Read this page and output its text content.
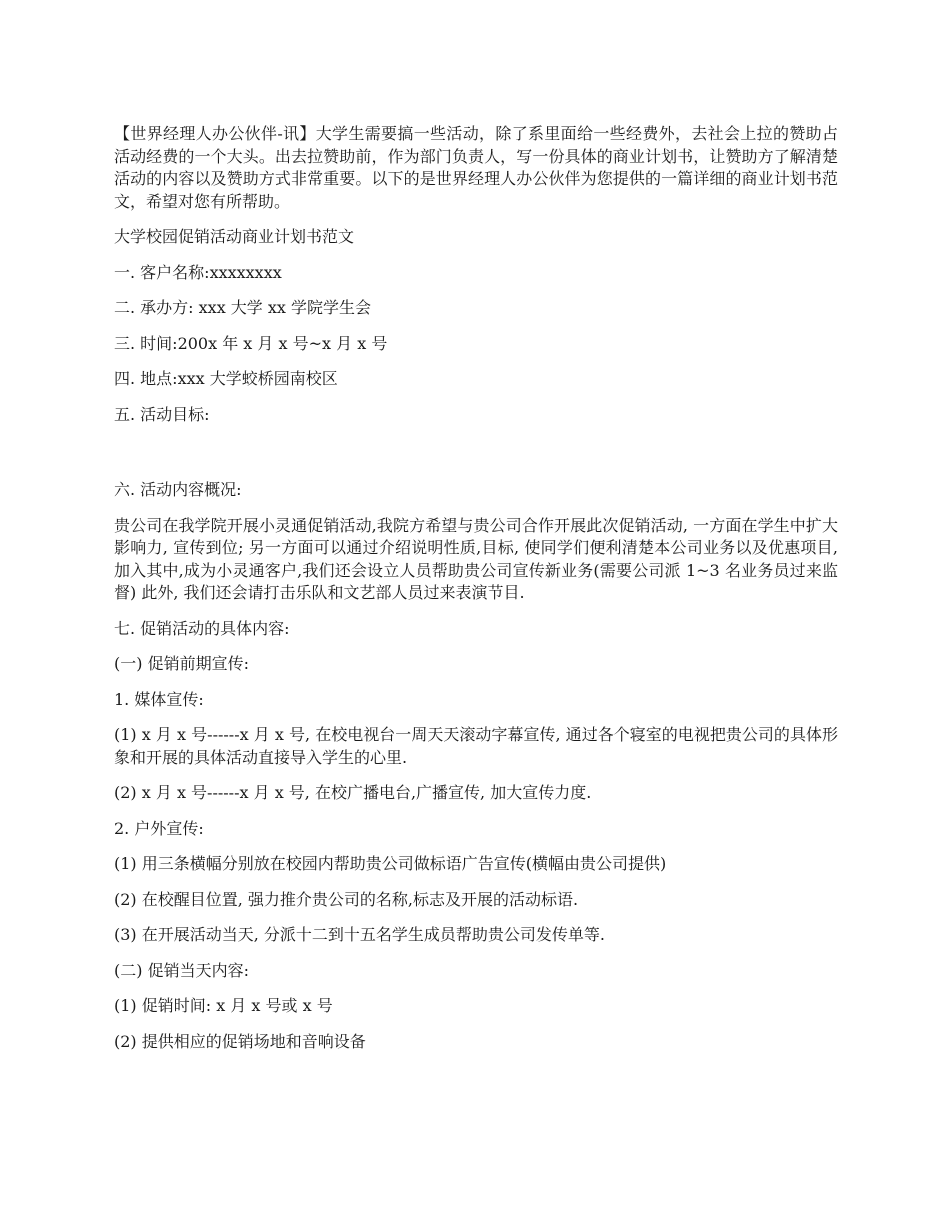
【世界经理人办公伙伴-讯】大学生需要搞一些活动，除了系里面给一些经费外，去社会上拉的赞助占活动经费的一个大头。出去拉赞助前，作为部门负责人，写一份具体的商业计划书，让赞助方了解清楚活动的内容以及赞助方式非常重要。以下的是世界经理人办公伙伴为您提供的一篇详细的商业计划书范文，希望对您有所帮助。

大学校园促销活动商业计划书范文

一. 客户名称:xxxxxxxx

二. 承办方: xxx 大学 xx 学院学生会

三. 时间:200x 年 x 月 x 号~x 月 x 号

四. 地点:xxx 大学蛟桥园南校区

五. 活动目标:

六. 活动内容概况:

贵公司在我学院开展小灵通促销活动,我院方希望与贵公司合作开展此次促销活动, 一方面在学生中扩大影响力, 宣传到位; 另一方面可以通过介绍说明性质,目标, 使同学们便利清楚本公司业务以及优惠项目,加入其中,成为小灵通客户,我们还会设立人员帮助贵公司宣传新业务(需要公司派 1~3 名业务员过来监督) 此外, 我们还会请打击乐队和文艺部人员过来表演节目.

七. 促销活动的具体内容:

(一) 促销前期宣传:

1. 媒体宣传:

(1) x 月 x 号------x 月 x 号, 在校电视台一周天天滚动字幕宣传, 通过各个寝室的电视把贵公司的具体形象和开展的具体活动直接导入学生的心里.

(2) x 月 x 号------x 月 x 号, 在校广播电台,广播宣传, 加大宣传力度.

2. 户外宣传:

(1) 用三条横幅分别放在校园内帮助贵公司做标语广告宣传(横幅由贵公司提供)

(2) 在校醒目位置, 强力推介贵公司的名称,标志及开展的活动标语.

(3) 在开展活动当天, 分派十二到十五名学生成员帮助贵公司发传单等.

(二) 促销当天内容:

(1) 促销时间: x 月 x 号或 x 号

(2) 提供相应的促销场地和音响设备
